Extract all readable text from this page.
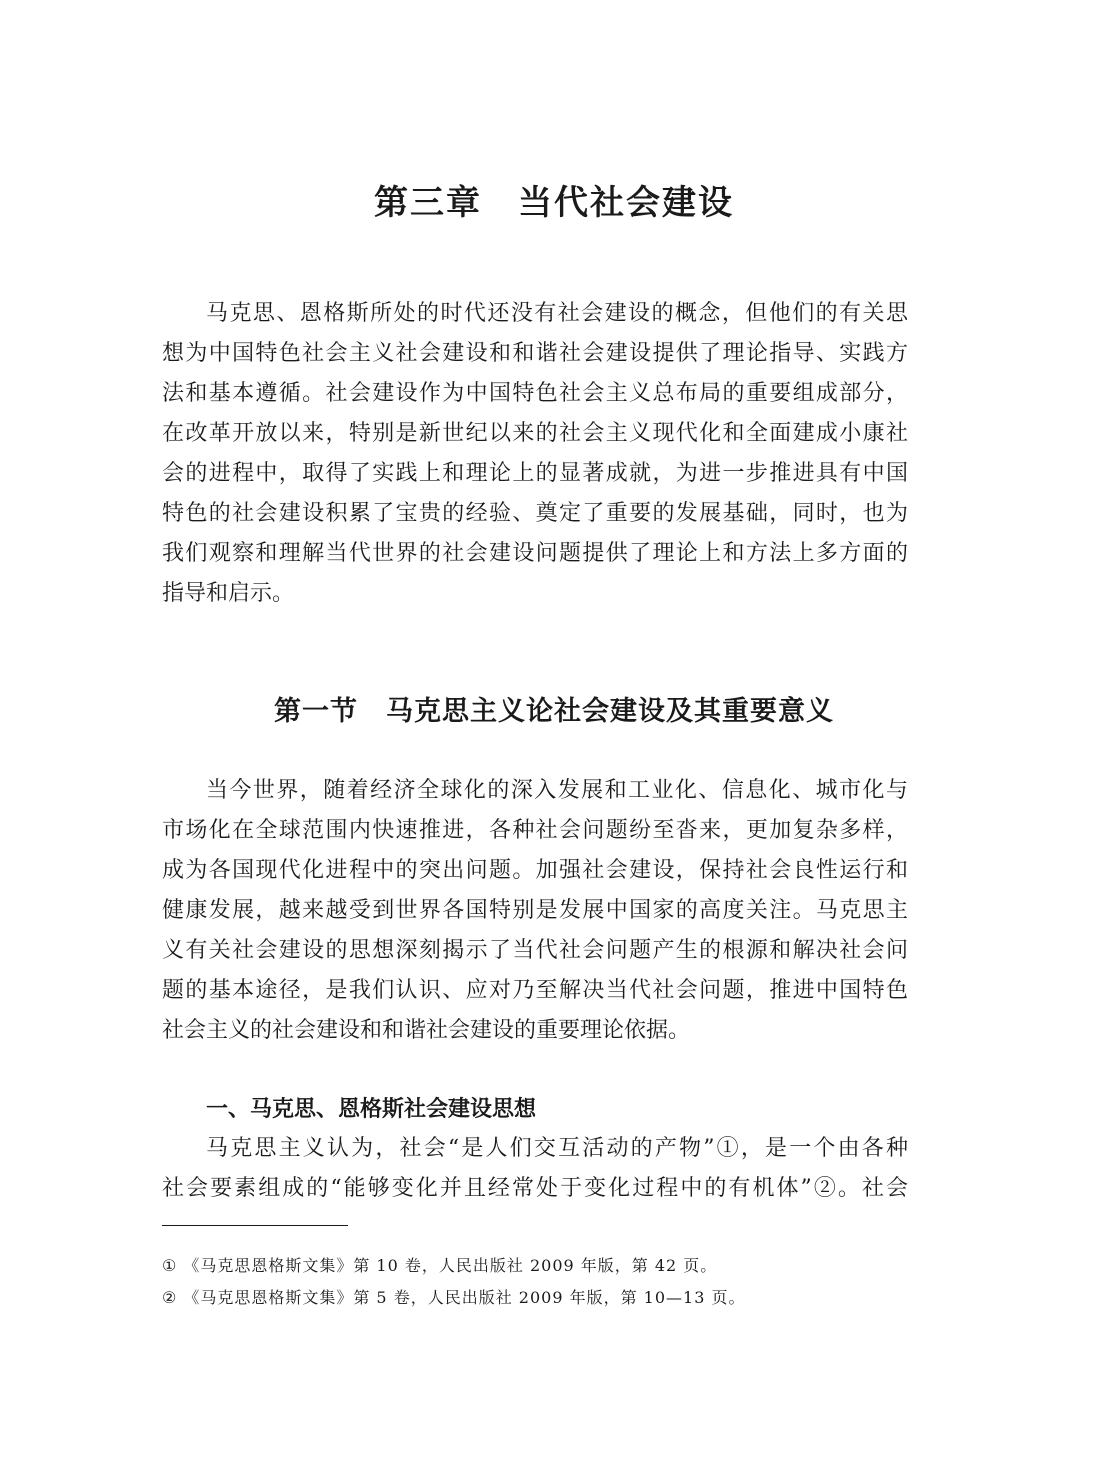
第三章　当代社会建设
马克思、恩格斯所处的时代还没有社会建设的概念，但他们的有关思
想为中国特色社会主义社会建设和和谐社会建设提供了理论指导、实践方
法和基本遵循。社会建设作为中国特色社会主义总布局的重要组成部分，
在改革开放以来，特别是新世纪以来的社会主义现代化和全面建成小康社
会的进程中，取得了实践上和理论上的显著成就，为进一步推进具有中国
特色的社会建设积累了宝贵的经验、奠定了重要的发展基础，同时，也为
我们观察和理解当代世界的社会建设问题提供了理论上和方法上多方面的
指导和启示。
第一节　马克思主义论社会建设及其重要意义
当今世界，随着经济全球化的深入发展和工业化、信息化、城市化与
市场化在全球范围内快速推进，各种社会问题纷至沓来，更加复杂多样，
成为各国现代化进程中的突出问题。加强社会建设，保持社会良性运行和
健康发展，越来越受到世界各国特别是发展中国家的高度关注。马克思主
义有关社会建设的思想深刻揭示了当代社会问题产生的根源和解决社会问
题的基本途径，是我们认识、应对乃至解决当代社会问题，推进中国特色
社会主义的社会建设和和谐社会建设的重要理论依据。
一、马克思、恩格斯社会建设思想
马克思主义认为，社会“是人们交互活动的产物”①，是一个由各种
社会要素组成的“能够变化并且经常处于变化过程中的有机体”②。社会
① 《马克思恩格斯文集》第 10 卷，人民出版社 2009 年版，第 42 页。
② 《马克思恩格斯文集》第 5 卷，人民出版社 2009 年版，第 10—13 页。
